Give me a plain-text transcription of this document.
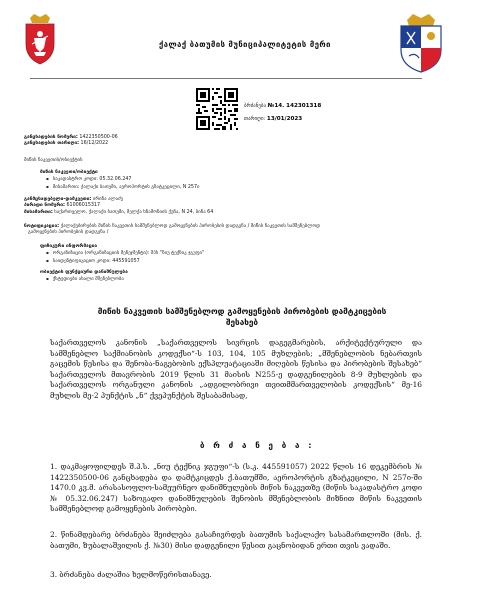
ქალაქ ბათუმის მუნიციპალიტეტის მერი
ბრძანება №14. 142301318
თარიღი: 13/01/2023
განცხადების ნომერი: 1422350500-06
განცხადების თარიღი: 16/12/2022
მიწის ნაკვეთის/ობიექტის
მიწის ნაკვეთი/ობიექტი
▪ საკადასტრო კოდი: 05.32.06.247
▪ მისამართი: ქალაქი ბათუმი, აეროპორტის გზატკეცილი, N 257ი
განმცხადებელი-დამკვეთი: ირინა ალაძე
პირადი ნომერი: 61006015317
მისამართი: საქართველო, ქალაქი ბათუმი, მელქა ხნამონიის ქუჩა, N 24, ბინა 64
ნოტიფიკაცია: ქალაქებირების მიწის ნაკვეთის სამშენებლოდ გამოყენების პირობების დადგენა / მიწის ნაკვეთის სამშენებლოდ
გამოყენების პირობების დადგენა /
ფიზიკური ინფორმაცია
▪ ორგანიზაცია (ორგანიზაციის მენეჯმენტი): შპს "ნიუ ტექნიკ ჯგუფი"
▪ საიდენტიფიკაციო კოდი: 445591057
ობიექტის ფუნქციური დანიშნულება
▪ ქსტუდიები ახალი მშენებლობა
მიწის ნაკვეთის სამშენებლოდ გამოყენების პირობების დამტკიცების
შესახებ
საქართველოს კანონის „საქართველოს სივრცის დაგეგმარების, არქიტექტურული და სამშენებლო საქმიანობის კოდექსი“-ს 103, 104, 105 მუხლების; „მშენებლობის ნებართვის გაცემის წესისა და შენობა-ნაგებობის ექსპლუატაციაში მიღების წესისა და პირობების შესახებ“ საქართველოს მთავრობის 2019 წლის 31 მაისის N255-ე დადგენილების 8-9 მუხლების და საქართველოს ორგანული კანონის „ადგილობრივი თვითმმართველობის კოდექსის“ მე-16 მუხლის მე-2 პუნქტის „ნ“ ქვეპუნქტის შესაბამისად,
ბ რ ძ ა ნ ე ბ ა :
1. დაკმაყოფილდეს შ.პ.ს. „ნიუ ტექნიკ ჯგუფი“-ს (ს.კ. 445591057) 2022 წლის 16 დეკემბრის № 1422350500-06 განცხადება და დამტკიცდეს ქ.ბათუმში, აეროპორტის გზატკეცილი, N 257ი-ში 1470.0 კვ.მ. არასასოფლო-სამეურნეო დანიშნულების მიწის ნაკვეთზე (მიწის საკადასტრო კოდი № 05.32.06.247) საზოგადო დანიშნულების შენობის მშენებლობის მიზნით მიწის ნაკვეთის სამშენებლოდ გამოყენების პირობები.
2. წინამდებარე ბრძანება შეიძლება გასაჩივრდეს ბათუმის საქალაქო სასამართლოში (მის. ქ. ბათუმი, ზუბალაშვილის ქ. №30) მისი დადგენილი წესით გაცნობიდან ერთი თვის ვადაში.
3. ბრძანება ძალაშია ხელმოწერისთანავე.
